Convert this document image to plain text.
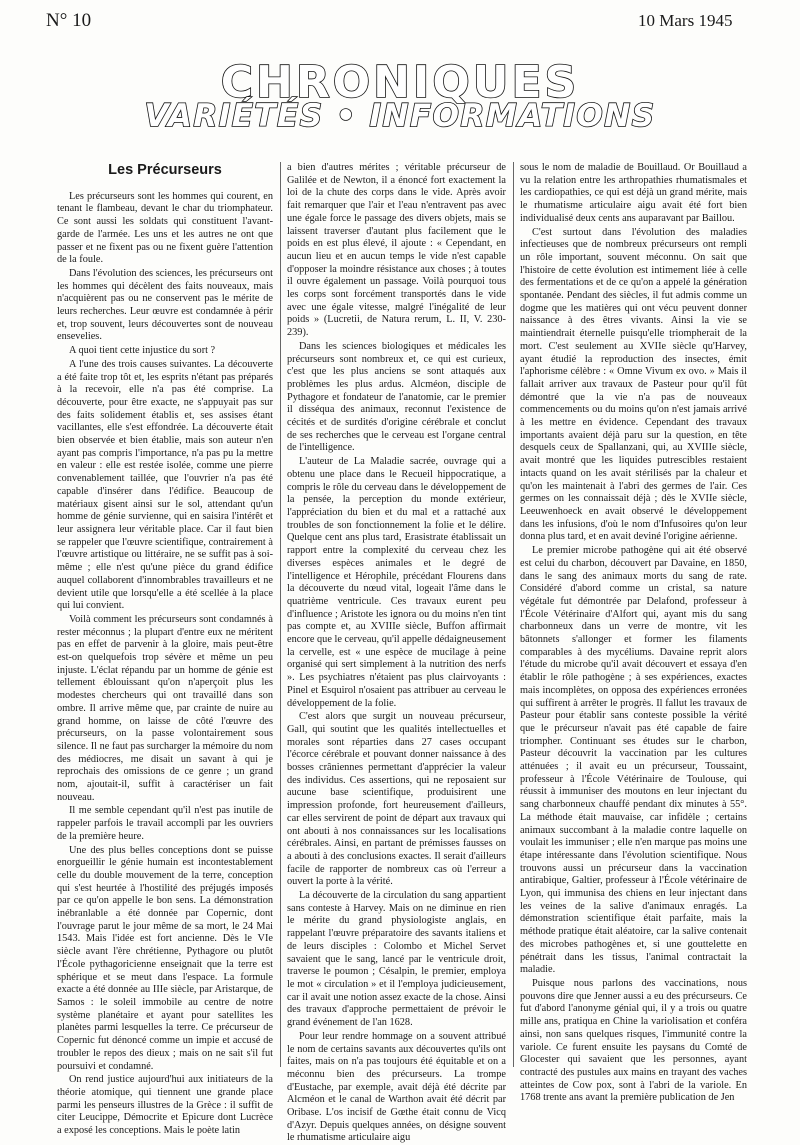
N° 10	10 Mars 1945
CHRONIQUES
VARIÉTÉS • INFORMATIONS
Les Précurseurs

Les précurseurs sont les hommes qui courent, en tenant le flambeau, devant le char du triomphateur. Ce sont aussi les soldats qui constituent l'avant-garde de l'armée. Les uns et les autres ne ont que passer et ne fixent pas ou ne fixent guère l'attention de la foule.

Dans l'évolution des sciences, les précurseurs ont les hommes qui décèlent des faits nouveaux, mais n'acquièrent pas ou ne conservent pas le mérite de leurs recherches. Leur œuvre est condamnée à périr et, trop souvent, leurs découvertes sont de nouveau ensevelies.

A quoi tient cette injustice du sort ?

A l'une des trois causes suivantes. La découverte a été faite trop tôt et, les esprits n'étant pas préparés à la recevoir, elle n'a pas été comprise. La découverte, pour être exacte, ne s'appuyait pas sur des faits solidement établis et, ses assises étant vacillantes, elle s'est effondrée. La découverte était bien observée et bien établie, mais son auteur n'en ayant pas compris l'importance, n'a pas pu la mettre en valeur : elle est restée isolée, comme une pierre convenablement taillée, que l'ouvrier n'a pas été capable d'insérer dans l'édifice. Beaucoup de matériaux gisent ainsi sur le sol, attendant qu'un homme de génie survienne, qui en saisira l'intérêt et leur assignera leur véritable place. Car il faut bien se rappeler que l'œuvre scientifique, contrairement à l'œuvre artistique ou littéraire, ne se suffit pas à soi-même ; elle n'est qu'une pièce du grand édifice auquel collaborent d'innombrables travailleurs et ne devient utile que lorsqu'elle a été scellée à la place qui lui convient.

Voilà comment les précurseurs sont condamnés à rester méconnus ; la plupart d'entre eux ne méritent pas en effet de parvenir à la gloire, mais peut-être est-on quelquefois trop sévère et même un peu injuste. L'éclat répandu par un homme de génie est tellement éblouissant qu'on n'aperçoit plus les modestes chercheurs qui ont travaillé dans son ombre. Il arrive même que, par crainte de nuire au grand homme, on laisse de côté l'œuvre des précurseurs, on la passe volontairement sous silence. Il ne faut pas surcharger la mémoire du nom des médiocres, me disait un savant à qui je reprochais des omissions de ce genre ; un grand nom, ajoutait-il, suffit à caractériser un fait nouveau.

Il me semble cependant qu'il n'est pas inutile de rappeler parfois le travail accompli par les ouvriers de la première heure.

Une des plus belles conceptions dont se puisse enorgueillir le génie humain est incontestablement celle du double mouvement de la terre, conception qui s'est heurtée à l'hostilité des préjugés imposés par ce qu'on appelle le bon sens. La démonstration inébranlable a été donnée par Copernic, dont l'ouvrage parut le jour même de sa mort, le 24 Mai 1543. Mais l'idée est fort ancienne. Dès le VIe siècle avant l'ère chrétienne, Pythagore ou plutôt l'École pythagoricienne enseignait que la terre est sphérique et se meut dans l'espace. La formule exacte a été donnée au IIIe siècle, par Aristarque, de Samos : le soleil immobile au centre de notre système planétaire et ayant pour satellites les planètes parmi lesquelles la terre. Ce précurseur de Copernic fut dénoncé comme un impie et accusé de troubler le repos des dieux ; mais on ne sait s'il fut poursuivi et condamné.

On rend justice aujourd'hui aux initiateurs de la théorie atomique, qui tiennent une grande place parmi les penseurs illustres de la Grèce : il suffit de citer Leucippe, Démocrite et Epicure dont Lucrèce a exposé les conceptions. Mais le poète latin

a bien d'autres mérites ; véritable précurseur de Galilée et de Newton, il a énoncé fort exactement la loi de la chute des corps dans le vide. Après avoir fait remarquer que l'air et l'eau n'entravent pas avec une égale force le passage des divers objets, mais se laissent traverser d'autant plus facilement que le poids en est plus élevé, il ajoute : « Cependant, en aucun lieu et en aucun temps le vide n'est capable d'opposer la moindre résistance aux choses ; à toutes il ouvre également un passage. Voilà pourquoi tous les corps sont forcément transportés dans le vide avec une égale vitesse, malgré l'inégalité de leur poids » (Lucretii, de Natura rerum, L. II, V. 230-239).

Dans les sciences biologiques et médicales les précurseurs sont nombreux et, ce qui est curieux, c'est que les plus anciens se sont attaqués aux problèmes les plus ardus. Alcméon, disciple de Pythagore et fondateur de l'anatomie, car le premier il disséqua des animaux, reconnut l'existence de cécités et de surdités d'origine cérébrale et conclut de ses recherches que le cerveau est l'organe central de l'intelligence.

L'auteur de La Maladie sacrée, ouvrage qui a obtenu une place dans le Recueil hippocratique, a compris le rôle du cerveau dans le développement de la pensée, la perception du monde extérieur, l'appréciation du bien et du mal et a rattaché aux troubles de son fonctionnement la folie et le délire. Quelque cent ans plus tard, Erasistrate établissait un rapport entre la complexité du cerveau chez les diverses espèces animales et le degré de l'intelligence et Hérophile, précédant Flourens dans la découverte du nœud vital, logeait l'âme dans le quatrième ventricule. Ces travaux eurent peu d'influence ; Aristote les ignora ou du moins n'en tint pas compte et, au XVIIIe siècle, Buffon affirmait encore que le cerveau, qu'il appelle dédaigneusement la cervelle, est « une espèce de mucilage à peine organisé qui sert simplement à la nutrition des nerfs ». Les psychiatres n'étaient pas plus clairvoyants : Pinel et Esquirol n'osaient pas attribuer au cerveau le développement de la folie.

C'est alors que surgit un nouveau précurseur, Gall, qui soutint que les qualités intellectuelles et morales sont réparties dans 27 cases occupant l'écorce cérébrale et pouvant donner naissance à des bosses crâniennes permettant d'apprécier la valeur des individus. Ces assertions, qui ne reposaient sur aucune base scientifique, produisirent une impression profonde, fort heureusement d'ailleurs, car elles servirent de point de départ aux travaux qui ont abouti à nos connaissances sur les localisations cérébrales. Ainsi, en partant de prémisses fausses on a abouti à des conclusions exactes. Il serait d'ailleurs facile de rapporter de nombreux cas où l'erreur a ouvert la porte à la vérité.

La découverte de la circulation du sang appartient sans conteste à Harvey. Mais on ne diminue en rien le mérite du grand physiologiste anglais, en rappelant l'œuvre préparatoire des savants italiens et de leurs disciples : Colombo et Michel Servet savaient que le sang, lancé par le ventricule droit, traverse le poumon ; Césalpin, le premier, employa le mot « circulation » et il l'employa judicieusement, car il avait une notion assez exacte de la chose. Ainsi des travaux d'approche permettaient de prévoir le grand événement de l'an 1628.

Pour leur rendre hommage on a souvent attribué le nom de certains savants aux découvertes qu'ils ont faites, mais on n'a pas toujours été équitable et on a méconnu bien des précurseurs. La trompe d'Eustache, par exemple, avait déjà été décrite par Alcméon et le canal de Warthon avait été décrit par Oribase. L'os incisif de Gœthe était connu de Vicq d'Azyr. Depuis quelques années, on désigne souvent le rhumatisme articulaire aigu

sous le nom de maladie de Bouillaud. Or Bouillaud a vu la relation entre les arthropathies rhumatismales et les cardiopathies, ce qui est déjà un grand mérite, mais le rhumatisme articulaire aigu avait été fort bien individualisé deux cents ans auparavant par Baillou.

C'est surtout dans l'évolution des maladies infectieuses que de nombreux précurseurs ont rempli un rôle important, souvent méconnu. On sait que l'histoire de cette évolution est intimement liée à celle des fermentations et de ce qu'on a appelé la génération spontanée. Pendant des siècles, il fut admis comme un dogme que les matières qui ont vécu peuvent donner naissance à des êtres vivants. Ainsi la vie se maintiendrait éternelle puisqu'elle triompherait de la mort. C'est seulement au XVIIe siècle qu'Harvey, ayant étudié la reproduction des insectes, émit l'aphorisme célèbre : « Omne Vivum ex ovo. » Mais il fallait arriver aux travaux de Pasteur pour qu'il fût démontré que la vie n'a pas de nouveaux commencements ou du moins qu'on n'est jamais arrivé à les mettre en évidence. Cependant des travaux importants avaient déjà paru sur la question, en tête desquels ceux de Spallanzani, qui, au XVIIIe siècle, avait montré que les liquides putrescibles restaient intacts quand on les avait stérilisés par la chaleur et qu'on les maintenait à l'abri des germes de l'air. Ces germes on les connaissait déjà ; dès le XVIIe siècle, Leeuwenhoeck en avait observé le développement dans les infusions, d'où le nom d'Infusoires qu'on leur donna plus tard, et en avait deviné l'origine aérienne.

Le premier microbe pathogène qui ait été observé est celui du charbon, découvert par Davaine, en 1850, dans le sang des animaux morts du sang de rate. Considéré d'abord comme un cristal, sa nature végétale fut démontrée par Delafond, professeur à l'École Vétérinaire d'Alfort qui, ayant mis du sang charbonneux dans un verre de montre, vit les bâtonnets s'allonger et former les filaments comparables à des mycéliums. Davaine reprit alors l'étude du microbe qu'il avait découvert et essaya d'en établir le rôle pathogène ; à ses expériences, exactes mais incomplètes, on opposa des expériences erronées qui suffirent à arrêter le progrès. Il fallut les travaux de Pasteur pour établir sans conteste possible la vérité que le précurseur n'avait pas été capable de faire triompher. Continuant ses études sur le charbon, Pasteur découvrit la vaccination par les cultures atténuées ; il avait eu un précurseur, Toussaint, professeur à l'École Vétérinaire de Toulouse, qui réussit à immuniser des moutons en leur injectant du sang charbonneux chauffé pendant dix minutes à 55°. La méthode était mauvaise, car infidèle ; certains animaux succombant à la maladie contre laquelle on voulait les immuniser ; elle n'en marque pas moins une étape intéressante dans l'évolution scientifique. Nous trouvons aussi un précurseur dans la vaccination antirabique, Galtier, professeur à l'École vétérinaire de Lyon, qui immunisa des chiens en leur injectant dans les veines de la salive d'animaux enragés. La démonstration scientifique était parfaite, mais la méthode pratique était aléatoire, car la salive contenait des microbes pathogènes et, si une gouttelette en pénétrait dans les tissus, l'animal contractait la maladie.

Puisque nous parlons des vaccinations, nous pouvons dire que Jenner aussi a eu des précurseurs. Ce fut d'abord l'anonyme génial qui, il y a trois ou quatre mille ans, pratiqua en Chine la variolisation et conféra ainsi, non sans quelques risques, l'immunité contre la variole. Ce furent ensuite les paysans du Comté de Glocester qui savaient que les personnes, ayant contracté des pustules aux mains en trayant des vaches atteintes de Cow pox, sont à l'abri de la variole. En 1768 trente ans avant la première publication de Jen
